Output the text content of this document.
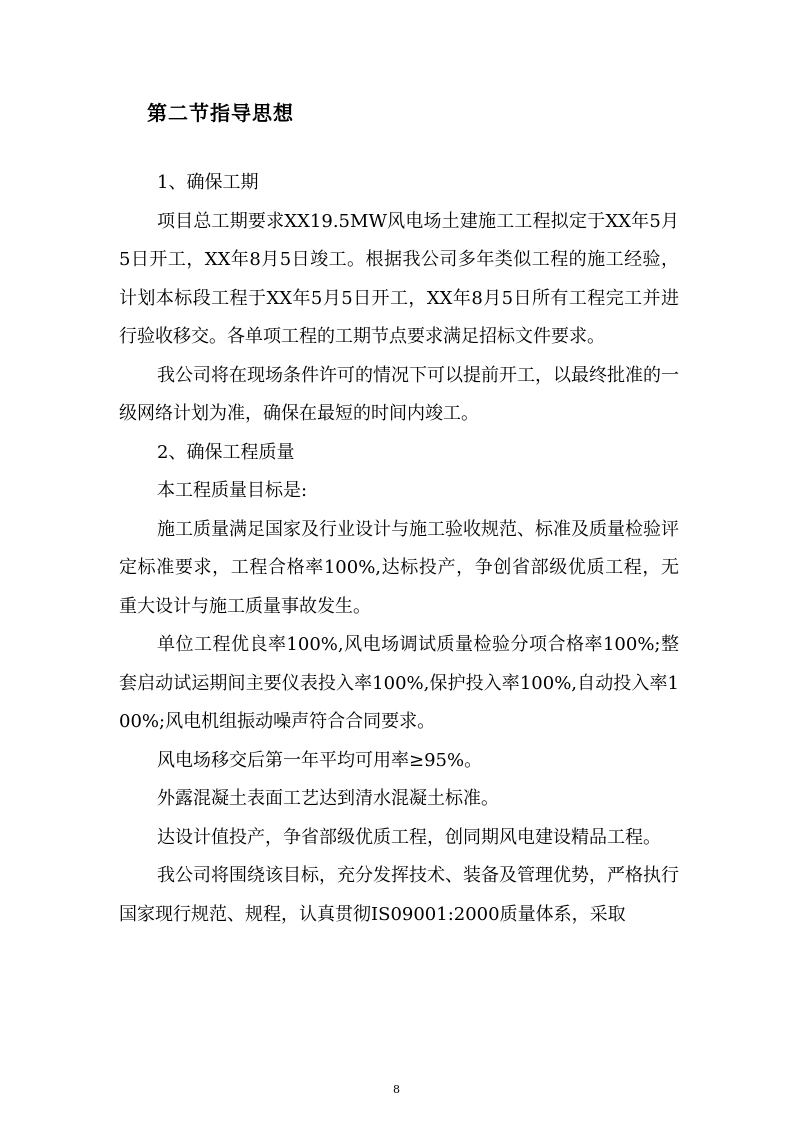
第二节指导思想

1、确保工期

项目总工期要求XX19.5MW风电场土建施工工程拟定于XX年5月5日开工，XX年8月5日竣工。根据我公司多年类似工程的施工经验，计划本标段工程于XX年5月5日开工，XX年8月5日所有工程完工并进行验收移交。各单项工程的工期节点要求满足招标文件要求。

我公司将在现场条件许可的情况下可以提前开工，以最终批准的一级网络计划为准，确保在最短的时间内竣工。

2、确保工程质量

本工程质量目标是:

施工质量满足国家及行业设计与施工验收规范、标准及质量检验评定标准要求，工程合格率100%,达标投产，争创省部级优质工程，无重大设计与施工质量事故发生。

单位工程优良率100%,风电场调试质量检验分项合格率100%;整套启动试运期间主要仪表投入率100%,保护投入率100%,自动投入率100%;风电机组振动噪声符合合同要求。

风电场移交后第一年平均可用率≥95%。

外露混凝土表面工艺达到清水混凝土标准。

达设计值投产，争省部级优质工程，创同期风电建设精品工程。

我公司将围绕该目标，充分发挥技术、装备及管理优势，严格执行国家现行规范、规程，认真贯彻IS09001:2000质量体系，采取

8
